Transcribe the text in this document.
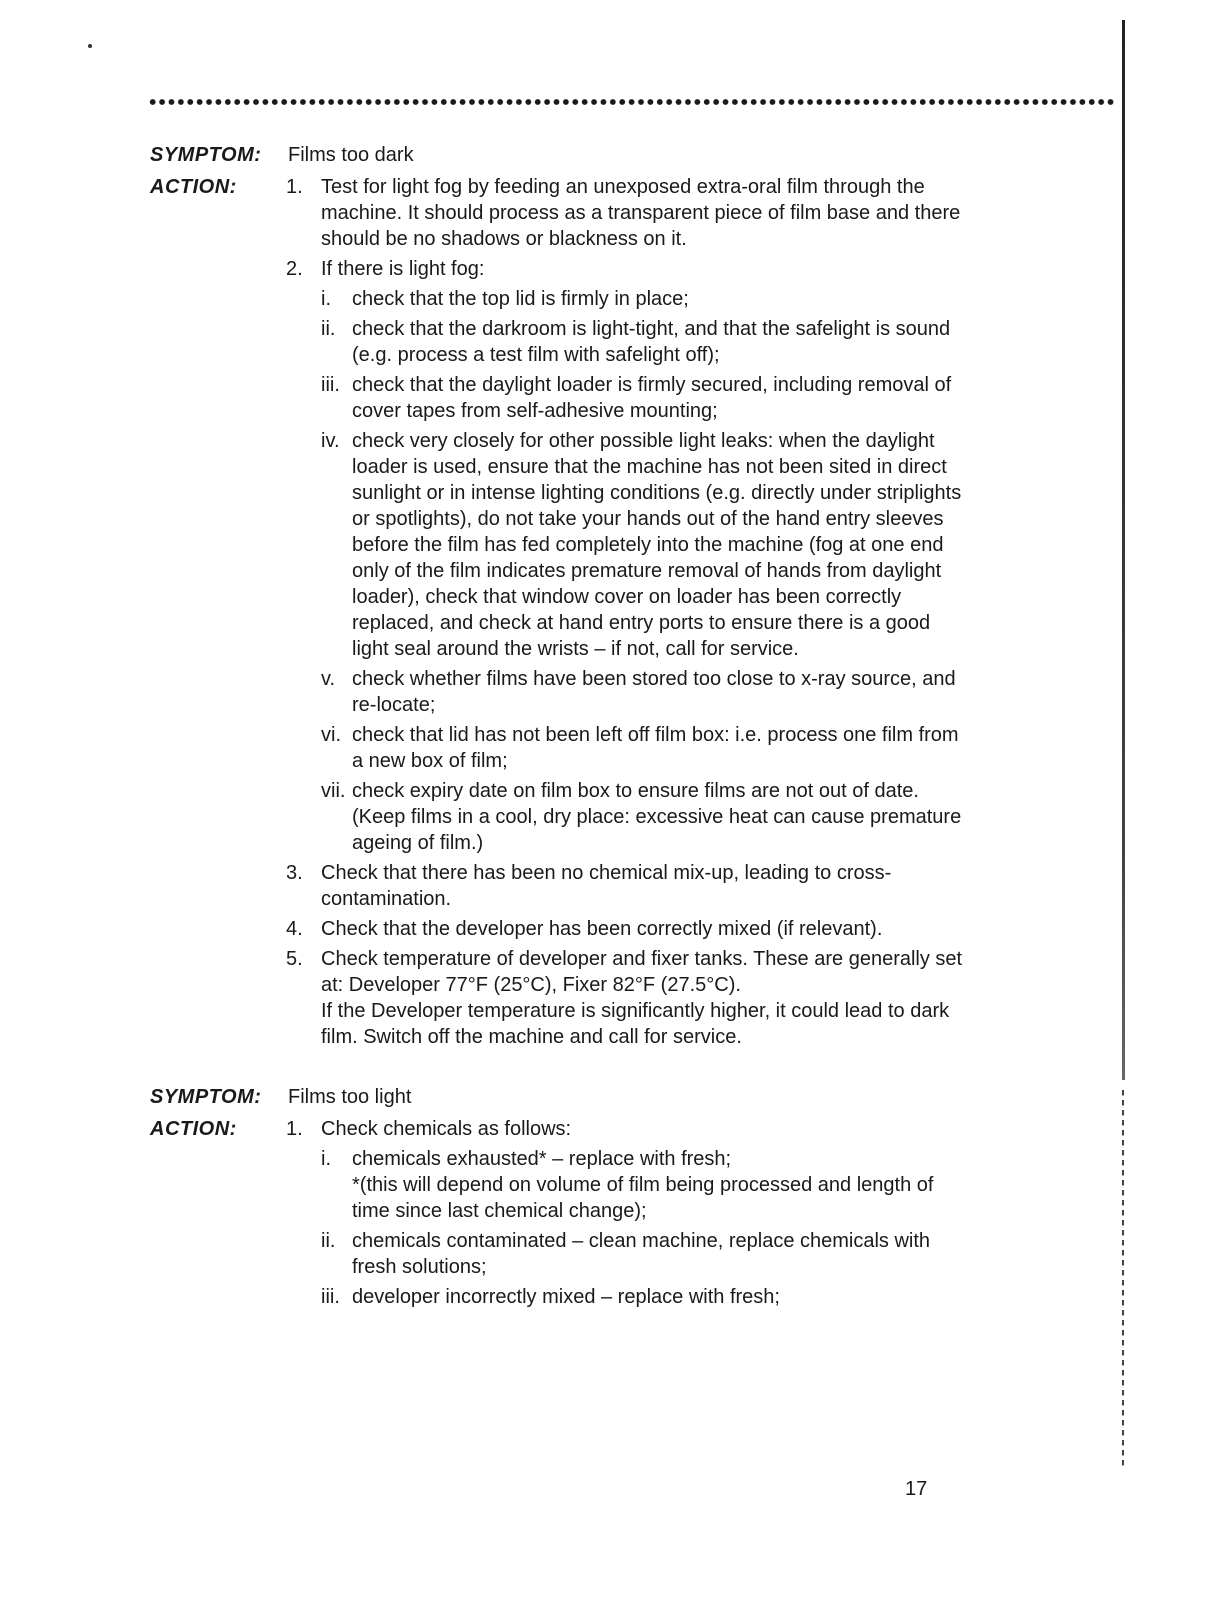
SYMPTOM: Films too dark
ACTION: 1. Test for light fog by feeding an unexposed extra-oral film through the machine. It should process as a transparent piece of film base and there should be no shadows or blackness on it.
2. If there is light fog:
i. check that the top lid is firmly in place;
ii. check that the darkroom is light-tight, and that the safelight is sound (e.g. process a test film with safelight off);
iii. check that the daylight loader is firmly secured, including removal of cover tapes from self-adhesive mounting;
iv. check very closely for other possible light leaks: when the daylight loader is used, ensure that the machine has not been sited in direct sunlight or in intense lighting conditions (e.g. directly under striplights or spotlights), do not take your hands out of the hand entry sleeves before the film has fed completely into the machine (fog at one end only of the film indicates premature removal of hands from daylight loader), check that window cover on loader has been correctly replaced, and check at hand entry ports to ensure there is a good light seal around the wrists – if not, call for service.
v. check whether films have been stored too close to x-ray source, and re-locate;
vi. check that lid has not been left off film box: i.e. process one film from a new box of film;
vii. check expiry date on film box to ensure films are not out of date. (Keep films in a cool, dry place: excessive heat can cause premature ageing of film.)
3. Check that there has been no chemical mix-up, leading to cross-contamination.
4. Check that the developer has been correctly mixed (if relevant).
5. Check temperature of developer and fixer tanks. These are generally set at: Developer 77°F (25°C), Fixer 82°F (27.5°C).
If the Developer temperature is significantly higher, it could lead to dark film. Switch off the machine and call for service.
SYMPTOM: Films too light
ACTION: 1. Check chemicals as follows:
i. chemicals exhausted* – replace with fresh;
*(this will depend on volume of film being processed and length of time since last chemical change);
ii. chemicals contaminated – clean machine, replace chemicals with fresh solutions;
iii. developer incorrectly mixed – replace with fresh;
17
